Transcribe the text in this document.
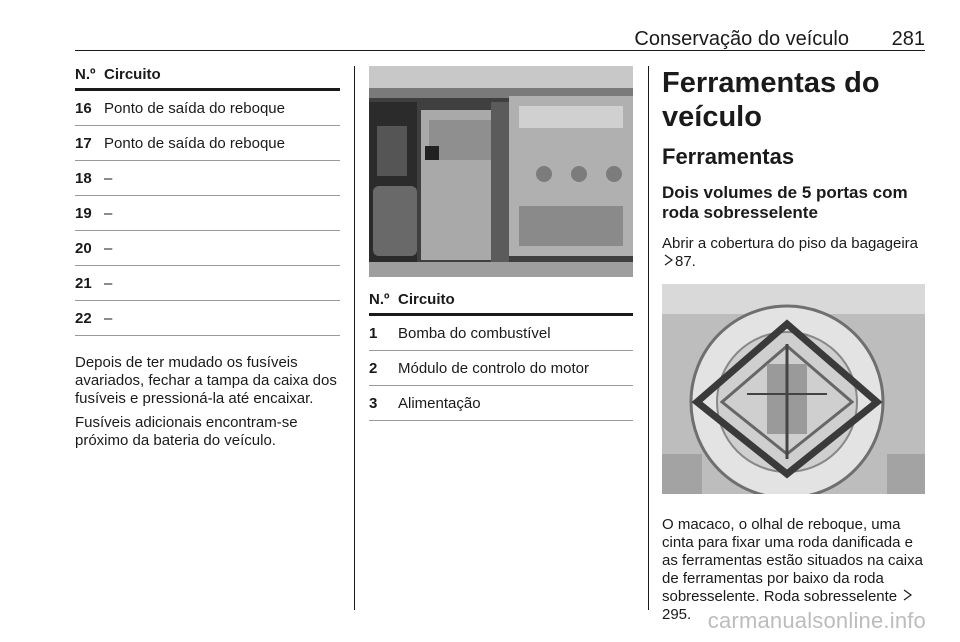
Conservação do veículo 281
N.º	Circuito
16	Ponto de saída do reboque
17	Ponto de saída do reboque
18	–
19	–
20	–
21	–
22	–

Depois de ter mudado os fusíveis avariados, fechar a tampa da caixa dos fusíveis e pressioná-la até encaixar.

Fusíveis adicionais encontram-se próximo da bateria do veículo.

N.º	Circuito
1	Bomba do combustível
2	Módulo de controlo do motor
3	Alimentação
Ferramentas do veículo
Ferramentas
Dois volumes de 5 portas com roda sobresselente

Abrir a cobertura do piso da bagageira 87.

O macaco, o olhal de reboque, uma cinta para fixar uma roda danificada e as ferramentas estão situados na caixa de ferramentas por baixo da roda sobresselente. Roda sobresselente 295. carmanualsonline.info
